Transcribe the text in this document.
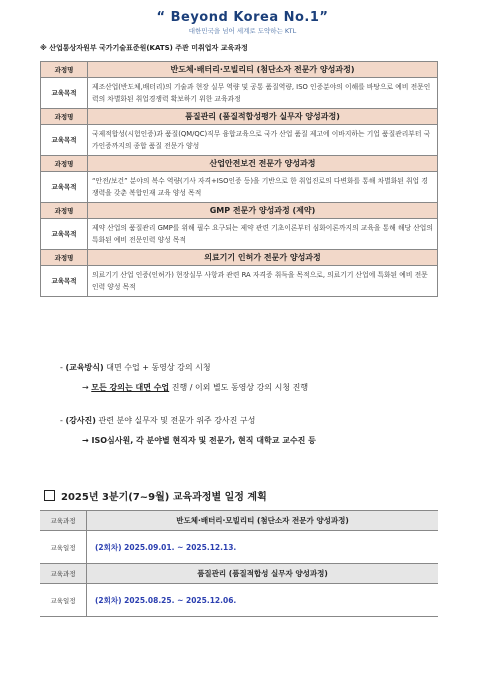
“ Beyond Korea No.1”
대한민국을 넘어 세계로 도약하는 KTL
※ 산업통상자원부 국가기술표준원(KATS) 주관 미취업자 교육과정
과정명	반도체·배터리·모빌리티 (첨단소자 전문가 양성과정)
교육목적	제조산업(반도체,배터리)의 기술과 현장 실무 역량 및 공통 품질역량, ISO 인증분야의 이해를 바탕으로 예비 전문인력의 차별화된 취업경쟁력 확보하기 위한 교육과정
과정명	품질관리 (품질적합성평가 실무자 양성과정)
교육목적	국제적합성(시험인증)과 품질(QM/QC)직무 융합교육으로 국가 산업 품질 제고에 이바지하는 기업 품질관리부터 국가인증까지의 종합 품질 전문가 양성
과정명	산업안전보건 전문가 양성과정
교육목적	“안전/보건” 분야의 복수 역량(기사 자격+ISO인증 등)을 기반으로 한 취업진로의 다변화를 통해 차별화된 취업 경쟁력을 갖춘 복합인재 교육 양성 목적
과정명	GMP 전문가 양성과정 (제약)
교육목적	제약 산업의 품질관리 GMP를 위해 필수 요구되는 제약 관련 기초이론부터 심화이론까지의 교육을 통해 해당 산업의 특화된 예비 전문인력 양성 목적
과정명	의료기기 인허가 전문가 양성과정
교육목적	의료기기 산업 인증(인허가) 현장실무 사항과 관련 RA 자격증 취득을 목적으로, 의료기기 산업에 특화된 예비 전문인력 양성 목적
- (교육방식) 대면 수업 + 동영상 강의 시청
→ 모든 강의는 대면 수업 진행 / 이외 별도 동영상 강의 시청 진행
- (강사진) 관련 분야 실무자 및 전문가 위주 강사진 구성
→ ISO심사원, 각 분야별 현직자 및 전문가, 현직 대학교 교수진 등
2025년 3분기(7~9월) 교육과정별 일정 계획
교육과정	반도체·배터리·모빌리티 (첨단소자 전문가 양성과정)
교육일정	(2회차) 2025.09.01. ~ 2025.12.13.
교육과정	품질관리 (품질적합성 실무자 양성과정)
교육일정	(2회차) 2025.08.25. ~ 2025.12.06.
